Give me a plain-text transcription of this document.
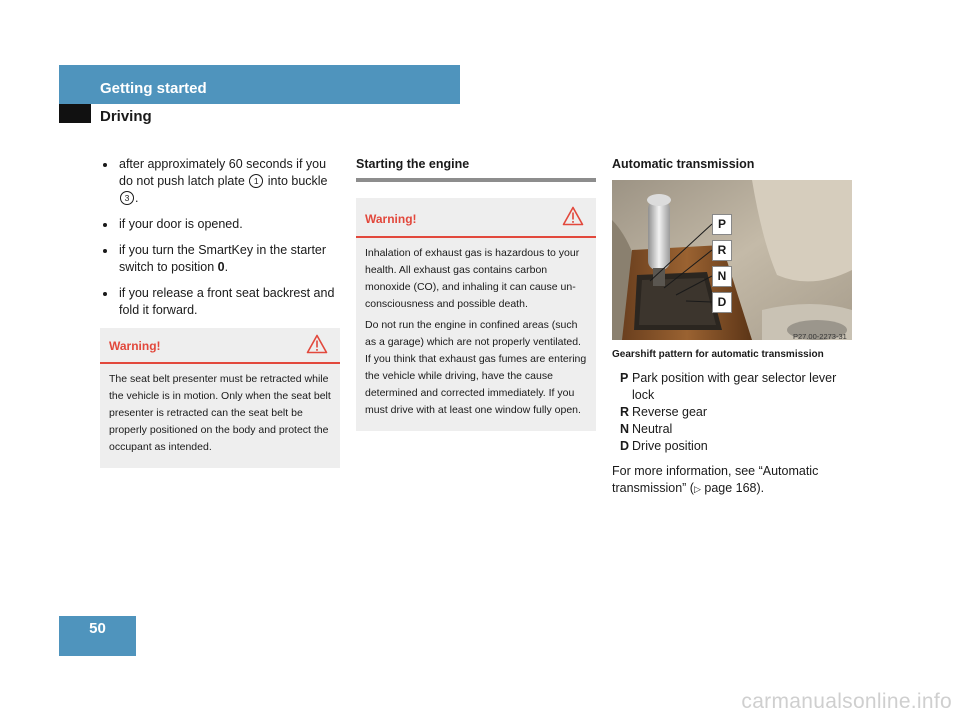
Getting started
Driving
after approximately 60 seconds if you do not push latch plate 1 into buckle 3 .
if your door is opened.
if you turn the SmartKey in the starter switch to position 0.
if you release a front seat backrest and fold it forward.
Warning!

The seat belt presenter must be retracted while the vehicle is in motion. Only when the seat belt presenter is retracted can the seat belt be properly positioned on the body and protect the occupant as intended.

Starting the engine
Warning!

Inhalation of exhaust gas is hazardous to your health. All exhaust gas contains carbon monoxide (CO), and inhaling it can cause un-consciousness and possible death.

Do not run the engine in confined areas (such as a garage) which are not properly ventilated. If you think that exhaust gas fumes are entering the vehicle while driving, have the cause determined and corrected immediately. If you must drive with at least one window fully open.

Automatic transmission
P
R
N
D
P27.00-2273-31
Gearshift pattern for automatic transmission
P Park position with gear selector lever lock
R Reverse gear
N Neutral
D Drive position
For more information, see “Automatic transmission” (▷ page 168).
50
carmanualsonline.info
